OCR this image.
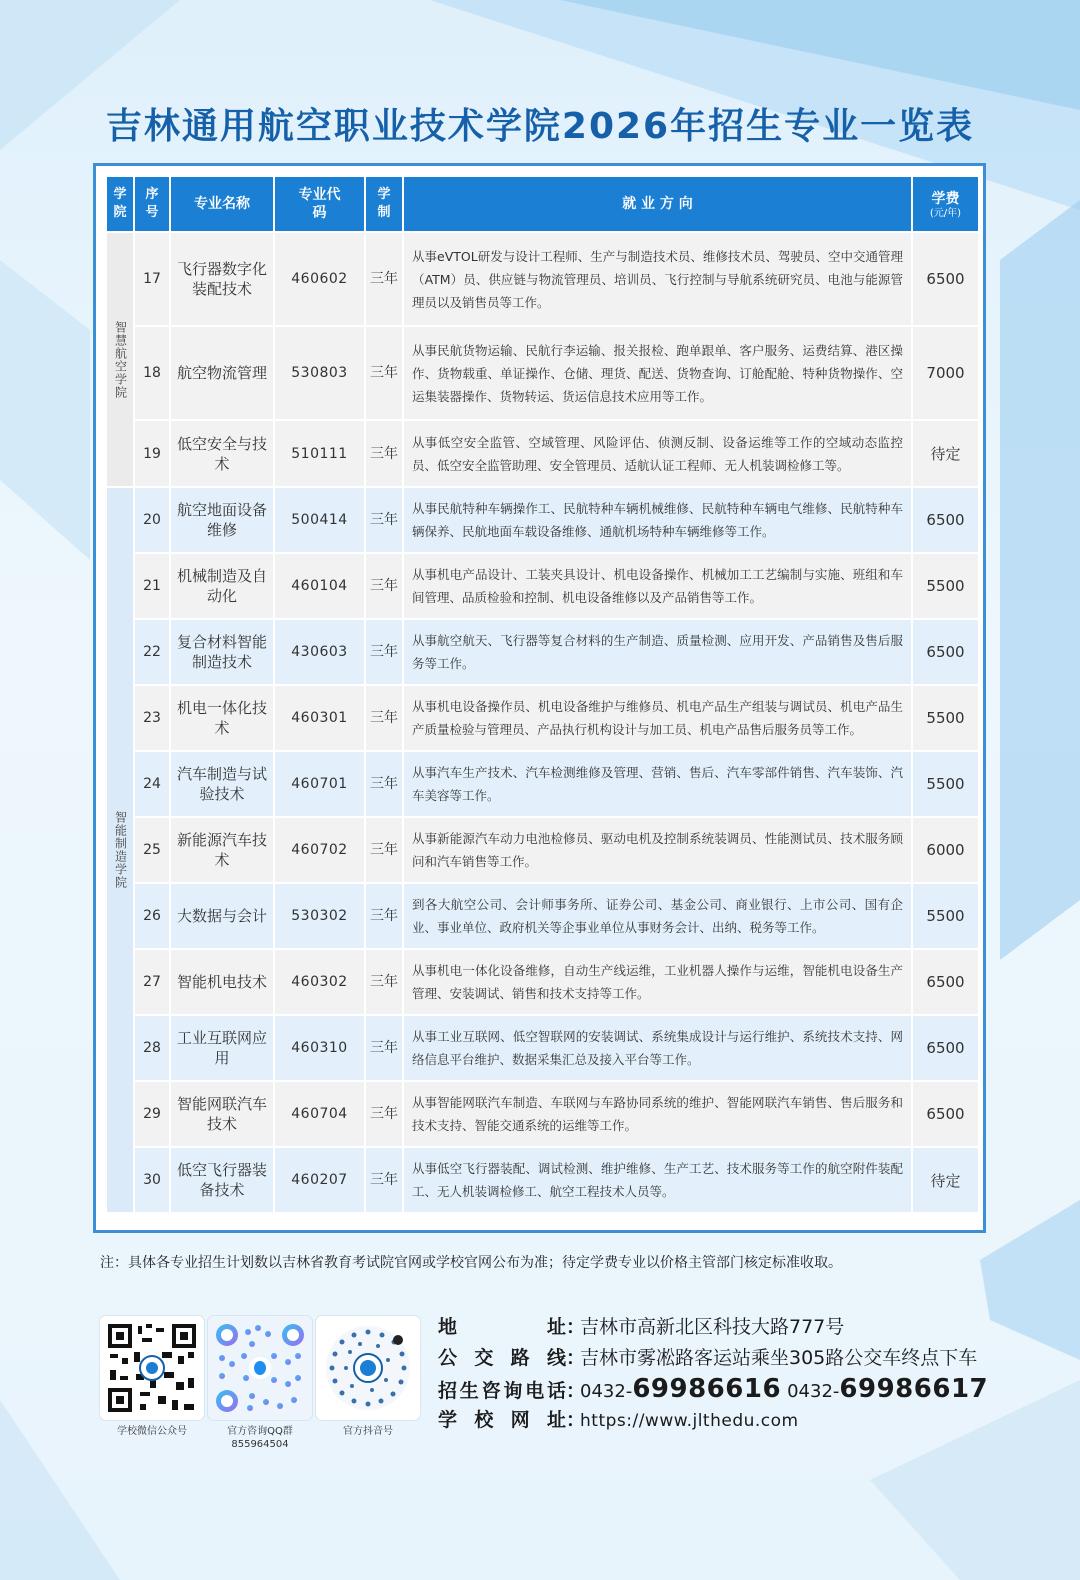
吉林通用航空职业技术学院2026年招生专业一览表
学院	序号	专业名称	专业代码	学制	就 业 方 向	学费
(元/年)

智慧航空学院	17	飞行器数字化装配技术	460602	三年	从事eVTOL研发与设计工程师、生产与制造技术员、维修技术员、驾驶员、空中交通管理（ATM）员、供应链与物流管理员、培训员、飞行控制与导航系统研究员、电池与能源管理员以及销售员等工作。	6500
	18	航空物流管理	530803	三年	从事民航货物运输、民航行李运输、报关报检、跑单跟单、客户服务、运费结算、港区操作、货物载重、单证操作、仓储、理货、配送、货物查询、订舱配舱、特种货物操作、空运集装器操作、货物转运、货运信息技术应用等工作。	7000
	19	低空安全与技术	510111	三年	从事低空安全监管、空域管理、风险评估、侦测反制、设备运维等工作的空域动态监控员、低空安全监管助理、安全管理员、适航认证工程师、无人机装调检修工等。	待定
智能制造学院	20	航空地面设备维修	500414	三年	从事民航特种车辆操作工、民航特种车辆机械维修、民航特种车辆电气维修、民航特种车辆保养、民航地面车载设备维修、通航机场特种车辆维修等工作。	6500
	21	机械制造及自动化	460104	三年	从事机电产品设计、工装夹具设计、机电设备操作、机械加工工艺编制与实施、班组和车间管理、品质检验和控制、机电设备维修以及产品销售等工作。	5500
	22	复合材料智能制造技术	430603	三年	从事航空航天、飞行器等复合材料的生产制造、质量检测、应用开发、产品销售及售后服务等工作。	6500
	23	机电一体化技术	460301	三年	从事机电设备操作员、机电设备维护与维修员、机电产品生产组装与调试员、机电产品生产质量检验与管理员、产品执行机构设计与加工员、机电产品售后服务员等工作。	5500
	24	汽车制造与试验技术	460701	三年	从事汽车生产技术、汽车检测维修及管理、营销、售后、汽车零部件销售、汽车装饰、汽车美容等工作。	5500
	25	新能源汽车技术	460702	三年	从事新能源汽车动力电池检修员、驱动电机及控制系统装调员、性能测试员、技术服务顾问和汽车销售等工作。	6000
	26	大数据与会计	530302	三年	到各大航空公司、会计师事务所、证券公司、基金公司、商业银行、上市公司、国有企业、事业单位、政府机关等企事业单位从事财务会计、出纳、税务等工作。	5500
	27	智能机电技术	460302	三年	从事机电一体化设备维修，自动生产线运维，工业机器人操作与运维，智能机电设备生产管理、安装调试、销售和技术支持等工作。	6500
	28	工业互联网应用	460310	三年	从事工业互联网、低空智联网的安装调试、系统集成设计与运行维护、系统技术支持、网络信息平台维护、数据采集汇总及接入平台等工作。	6500
	29	智能网联汽车技术	460704	三年	从事智能网联汽车制造、车联网与车路协同系统的维护、智能网联汽车销售、售后服务和技术支持、智能交通系统的运维等工作。	6500
	30	低空飞行器装备技术	460207	三年	从事低空飞行器装配、调试检测、维护维修、生产工艺、技术服务等工作的航空附件装配工、无人机装调检修工、航空工程技术人员等。	待定

注：具体各专业招生计划数以吉林省教育考试院官网或学校官网公布为准；待定学费专业以价格主管部门核定标准收取。

学校微信公众号	官方咨询QQ群
855964504
官方抖音号
地址 ：
吉林市高新北区科技大路777号
公交路线 ：
吉林市雾凇路客运站乘坐305路公交车终点下车
招生咨询电话 ：
0432-69986616 0432-69986617
学校网址 ：
https://www.jlthedu.com
